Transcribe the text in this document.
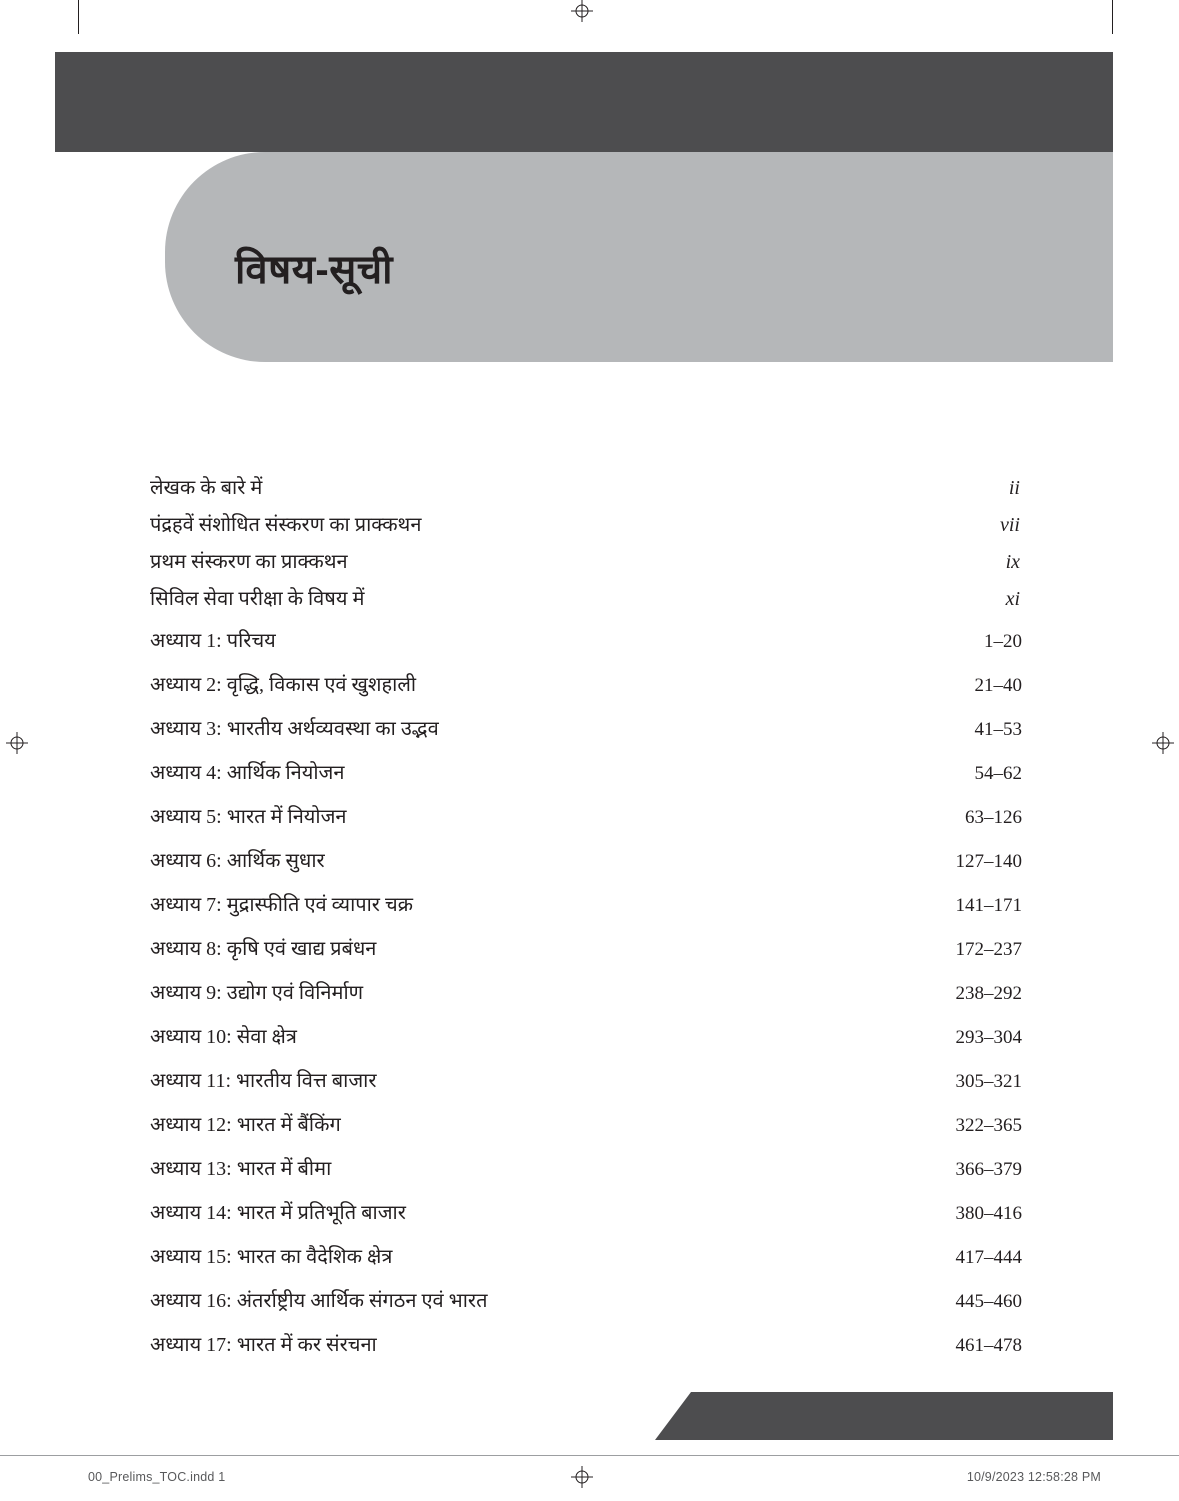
विषय-सूची
लेखक के बारे में	ii
पंद्रहवें संशोधित संस्करण का प्राक्कथन	vii
प्रथम संस्करण का प्राक्कथन	ix
सिविल सेवा परीक्षा के विषय में	xi
अध्याय 1: परिचय	1–20
अध्याय 2: वृद्धि, विकास एवं खुशहाली	21–40
अध्याय 3: भारतीय अर्थव्यवस्था का उद्भव	41–53
अध्याय 4: आर्थिक नियोजन	54–62
अध्याय 5: भारत में नियोजन	63–126
अध्याय 6: आर्थिक सुधार	127–140
अध्याय 7: मुद्रास्फीति एवं व्यापार चक्र	141–171
अध्याय 8: कृषि एवं खाद्य प्रबंधन	172–237
अध्याय 9: उद्योग एवं विनिर्माण	238–292
अध्याय 10: सेवा क्षेत्र	293–304
अध्याय 11: भारतीय वित्त बाजार	305–321
अध्याय 12: भारत में बैंकिंग	322–365
अध्याय 13: भारत में बीमा	366–379
अध्याय 14: भारत में प्रतिभूति बाजार	380–416
अध्याय 15: भारत का वैदेशिक क्षेत्र	417–444
अध्याय 16: अंतर्राष्ट्रीय आर्थिक संगठन एवं भारत	445–460
अध्याय 17: भारत में कर संरचना	461–478
00_Prelims_TOC.indd 1	10/9/2023 12:58:28 PM
